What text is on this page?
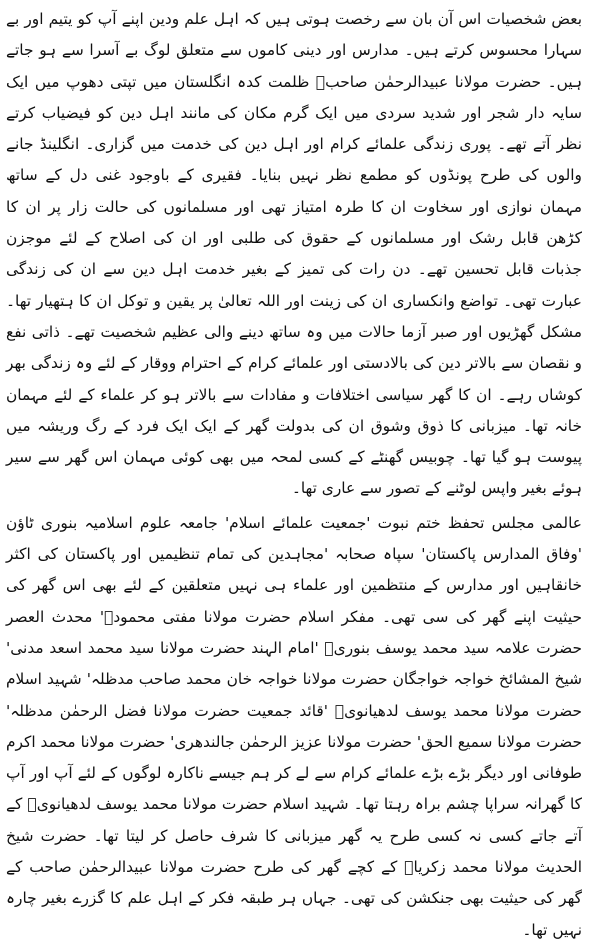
بعض شخصیات اس آن بان سے رخصت ہوتی ہیں کہ اہل علم ودین اپنے آپ کو یتیم اور بے سہارا محسوس کرتے ہیں۔ مدارس اور دینی کاموں سے متعلق لوگ بے آسرا سے ہو جاتے ہیں۔ حضرت مولانا عبیدالرحمٰن صاحبؒ ظلمت کدہ انگلستان میں تپتی دھوپ میں ایک سایہ دار شجر اور شدید سردی میں ایک گرم مکان کی مانند اہل دین کو فیضیاب کرتے نظر آتے تھے۔ پوری زندگی علمائے کرام اور اہل دین کی خدمت میں گزاری۔ انگلینڈ جانے والوں کی طرح پونڈوں کو مطمع نظر نہیں بنایا۔ فقیری کے باوجود غنی دل کے ساتھ مہمان نوازی اور سخاوت ان کا طرہ امتیاز تھی اور مسلمانوں کی حالت زار پر ان کا کڑھن قابل رشک اور مسلمانوں کے حقوق کی طلبی اور ان کی اصلاح کے لئے موجزن جذبات قابل تحسین تھے۔ دن رات کی تمیز کے بغیر خدمت اہل دین سے ان کی زندگی عبارت تھی۔ تواضع وانکساری ان کی زینت اور اللہ تعالیٰ پر یقین و توکل ان کا ہتھیار تھا۔ مشکل گھڑیوں اور صبر آزما حالات میں وہ ساتھ دینے والی عظیم شخصیت تھے۔ ذاتی نفع و نقصان سے بالاتر دین کی بالادستی اور علمائے کرام کے احترام ووقار کے لئے وہ زندگی بھر کوشاں رہے۔ ان کا گھر سیاسی اختلافات و مفادات سے بالاتر ہو کر علماء کے لئے مہمان خانہ تھا۔ میزبانی کا ذوق وشوق ان کی بدولت گھر کے ایک ایک فرد کے رگ وریشہ میں پیوست ہو گیا تھا۔ چوبیس گھنٹے کے کسی لمحہ میں بھی کوئی مہمان اس گھر سے سیر ہوئے بغیر واپس لوٹنے کے تصور سے عاری تھا۔

عالمی مجلس تحفظ ختم نبوت 'جمعیت علمائے اسلام' جامعہ علوم اسلامیہ بنوری ٹاؤن 'وفاق المدارس پاکستان' سپاہ صحابہ 'مجاہدین کی تمام تنظیمیں اور پاکستان کی اکثر خانقاہیں اور مدارس کے منتظمین اور علماء ہی نہیں متعلقین کے لئے بھی اس گھر کی حیثیت اپنے گھر کی سی تھی۔ مفکر اسلام حضرت مولانا مفتی محمودؒ' محدث العصر حضرت علامہ سید محمد یوسف بنوریؒ 'امام الہند حضرت مولانا سید محمد اسعد مدنی' شیخ المشائخ خواجہ خواجگان حضرت مولانا خواجہ خان محمد صاحب مدظلہ' شہید اسلام حضرت مولانا محمد یوسف لدھیانویؒ 'قائد جمعیت حضرت مولانا فضل الرحمٰن مدظلہ' حضرت مولانا سمیع الحق' حضرت مولانا عزیز الرحمٰن جالندھری' حضرت مولانا محمد اکرم طوفانی اور دیگر بڑے بڑے علمائے کرام سے لے کر ہم جیسے ناکارہ لوگوں کے لئے آپ اور آپ کا گھرانہ سراپا چشم براہ رہتا تھا۔ شہید اسلام حضرت مولانا محمد یوسف لدھیانویؒ کے آتے جاتے کسی نہ کسی طرح یہ گھر میزبانی کا شرف حاصل کر لیتا تھا۔ حضرت شیخ الحدیث مولانا محمد زکریاؒ کے کچے گھر کی طرح حضرت مولانا عبیدالرحمٰن صاحب کے گھر کی حیثیت بھی جنکشن کی تھی۔ جہاں ہر طبقہ فکر کے اہل علم کا گزرے بغیر چارہ نہیں تھا۔
